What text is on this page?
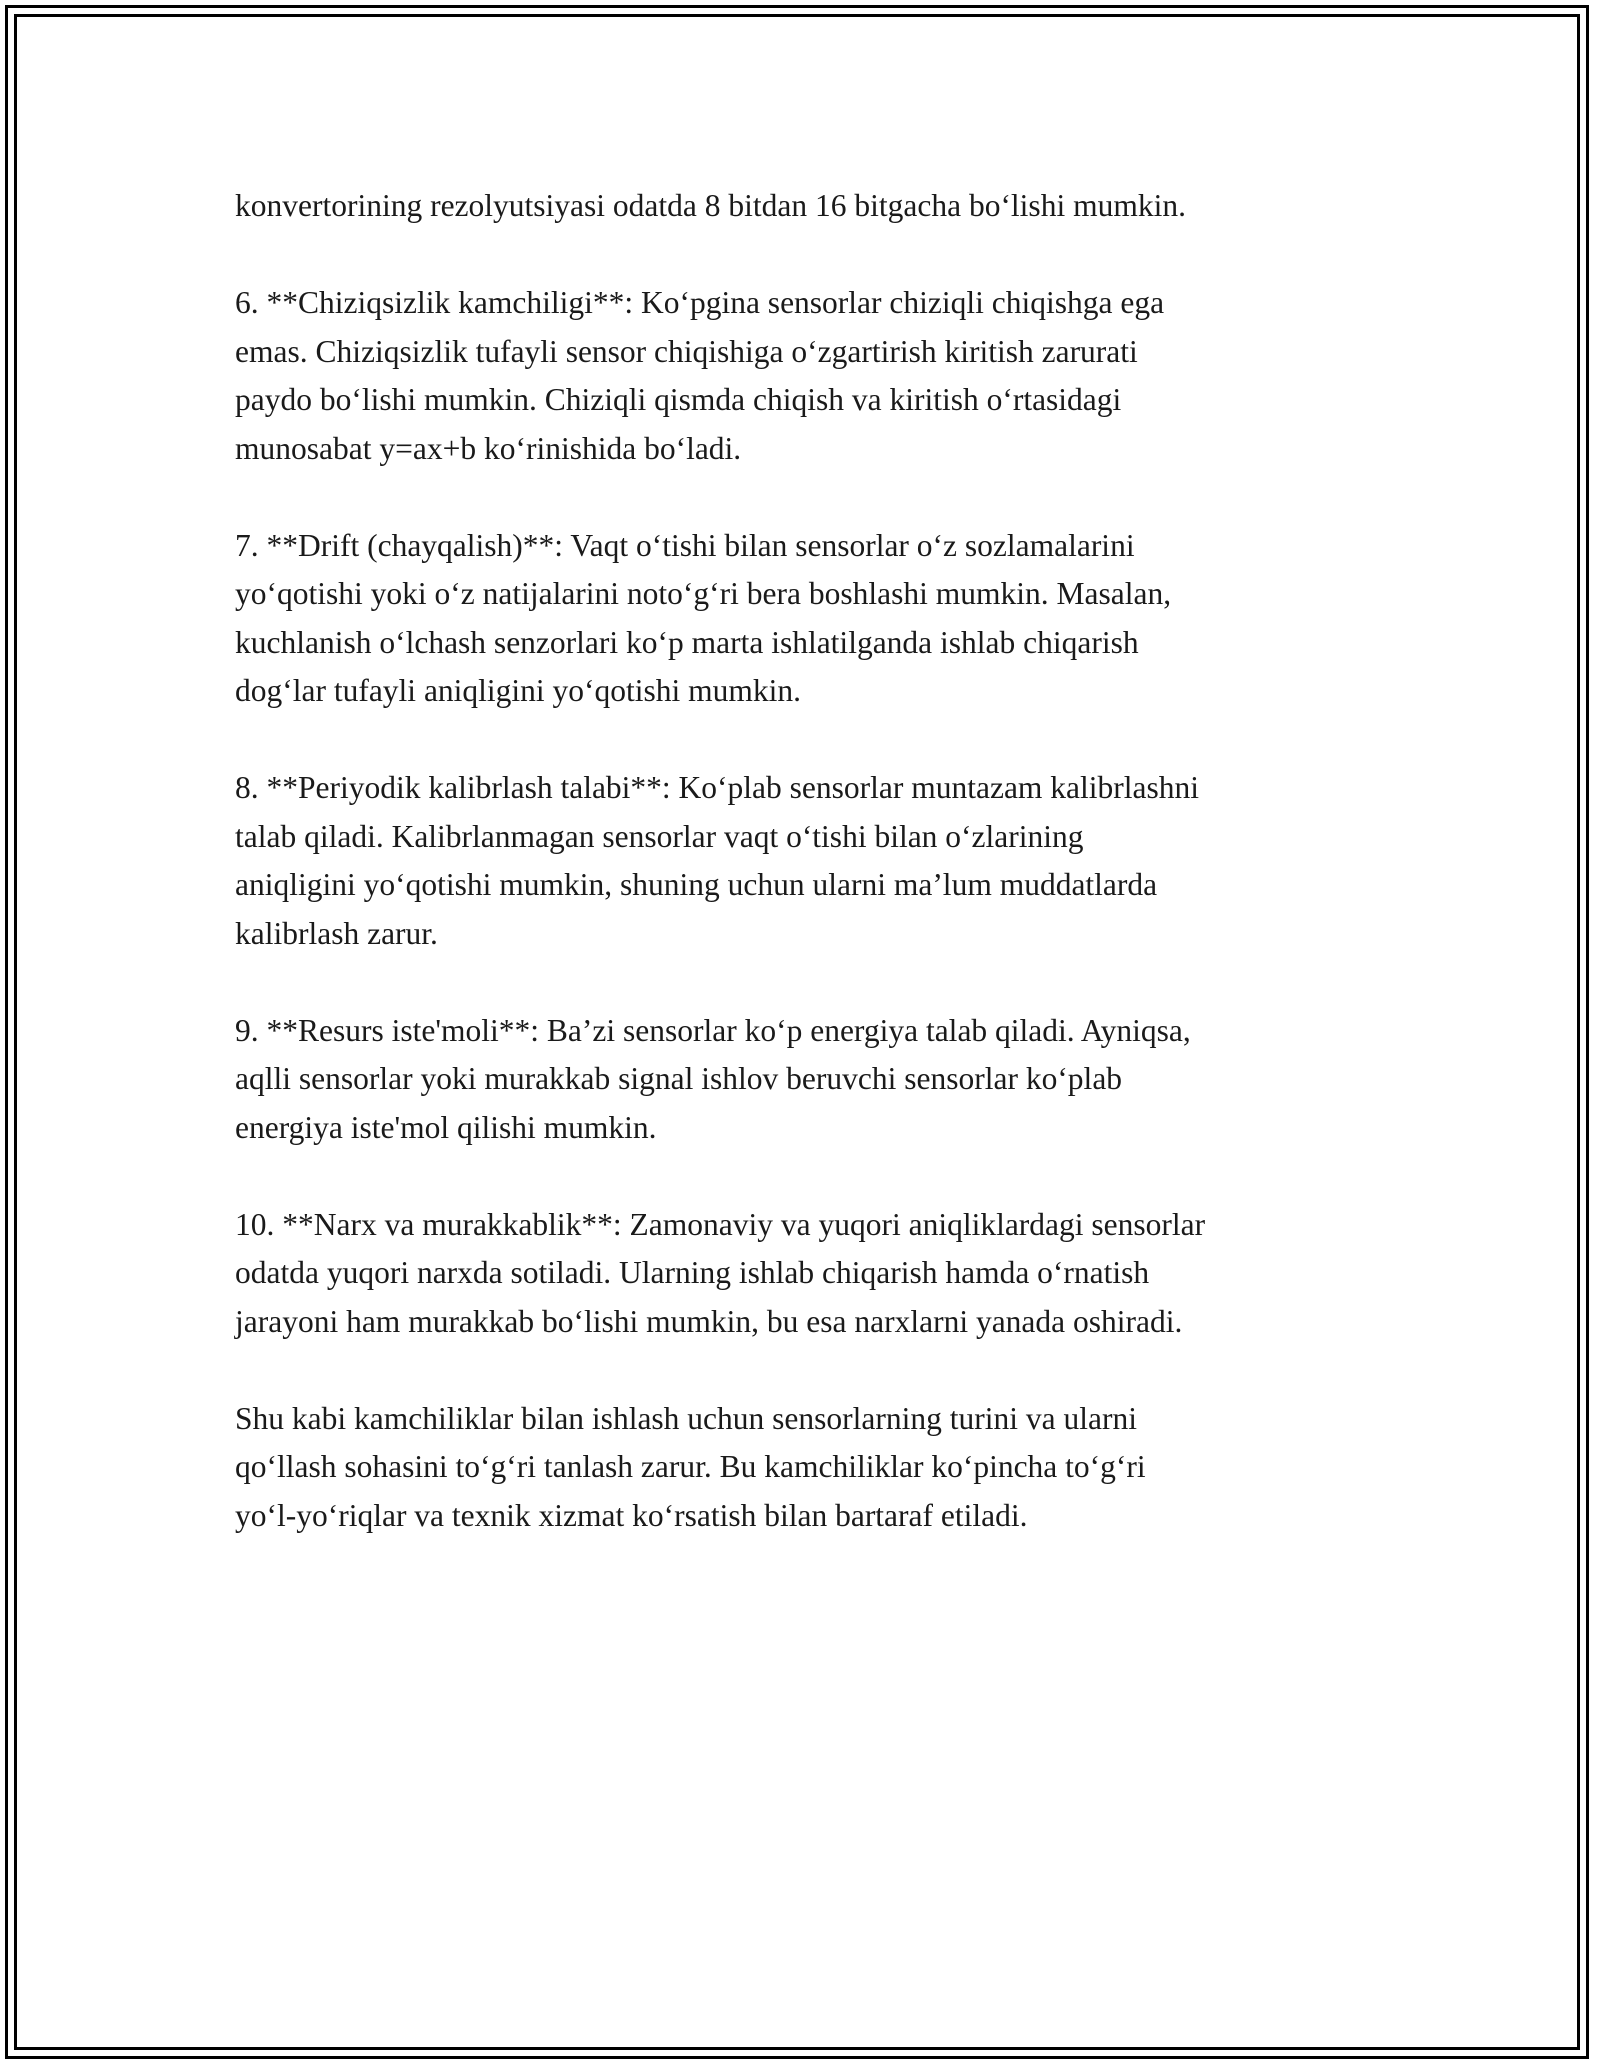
konvertorining rezolyutsiyasi odatda 8 bitdan 16 bitgacha bo‘lishi mumkin.

6. **Chiziqsizlik kamchiligi**: Ko‘pgina sensorlar chiziqli chiqishga ega
emas. Chiziqsizlik tufayli sensor chiqishiga o‘zgartirish kiritish zarurati
paydo bo‘lishi mumkin. Chiziqli qismda chiqish va kiritish o‘rtasidagi
munosabat y=ax+b ko‘rinishida bo‘ladi.

7. **Drift (chayqalish)**: Vaqt o‘tishi bilan sensorlar o‘z sozlamalarini
yo‘qotishi yoki o‘z natijalarini noto‘g‘ri bera boshlashi mumkin. Masalan,
kuchlanish o‘lchash senzorlari ko‘p marta ishlatilganda ishlab chiqarish
dog‘lar tufayli aniqligini yo‘qotishi mumkin.

8. **Periyodik kalibrlash talabi**: Ko‘plab sensorlar muntazam kalibrlashni
talab qiladi. Kalibrlanmagan sensorlar vaqt o‘tishi bilan o‘zlarining
aniqligini yo‘qotishi mumkin, shuning uchun ularni ma’lum muddatlarda
kalibrlash zarur.

9. **Resurs iste'moli**: Ba’zi sensorlar ko‘p energiya talab qiladi. Ayniqsa,
aqlli sensorlar yoki murakkab signal ishlov beruvchi sensorlar ko‘plab
energiya iste'mol qilishi mumkin.

10. **Narx va murakkablik**: Zamonaviy va yuqori aniqliklardagi sensorlar
odatda yuqori narxda sotiladi. Ularning ishlab chiqarish hamda o‘rnatish
jarayoni ham murakkab bo‘lishi mumkin, bu esa narxlarni yanada oshiradi.

Shu kabi kamchiliklar bilan ishlash uchun sensorlarning turini va ularni
qo‘llash sohasini to‘g‘ri tanlash zarur. Bu kamchiliklar ko‘pincha to‘g‘ri
yo‘l-yo‘riqlar va texnik xizmat ko‘rsatish bilan bartaraf etiladi.
